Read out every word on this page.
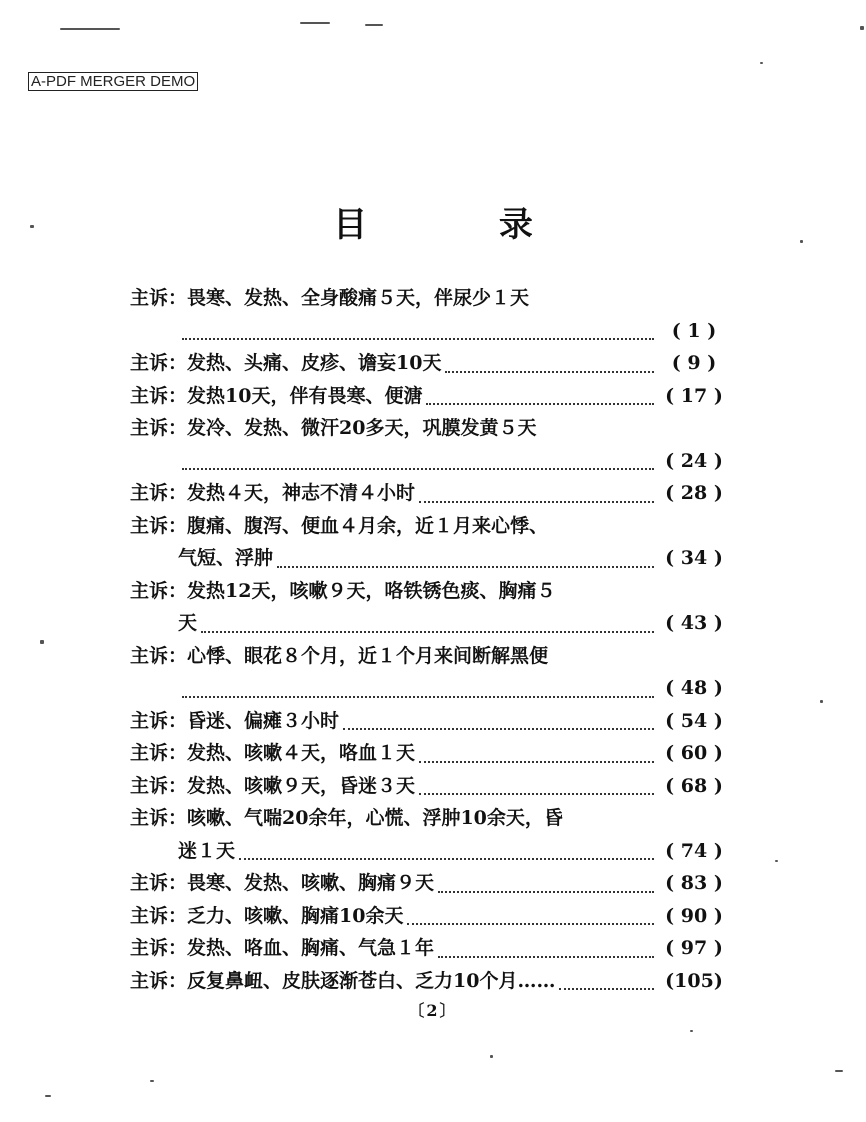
A-PDF MERGER DEMO
目 录
主诉：畏寒、发热、全身酸痛５天，伴尿少１天
( 1 )
主诉：发热、头痛、皮疹、谵妄10天	( 9 )
主诉：发热10天，伴有畏寒、便溏	( 17 )
主诉：发冷、发热、微汗20多天，巩膜发黄５天
( 24 )
主诉：发热４天，神志不清４小时	( 28 )
主诉：腹痛、腹泻、便血４月余，近１月来心悸、
气短、浮肿	( 34 )
主诉：发热12天，咳嗽９天，咯铁锈色痰、胸痛５
天	( 43 )
主诉：心悸、眼花８个月，近１个月来间断解黑便
( 48 )
主诉：昏迷、偏瘫３小时	( 54 )
主诉：发热、咳嗽４天，咯血１天	( 60 )
主诉：发热、咳嗽９天，昏迷３天	( 68 )
主诉：咳嗽、气喘20余年，心慌、浮肿10余天，昏
迷１天	( 74 )
主诉：畏寒、发热、咳嗽、胸痛９天	( 83 )
主诉：乏力、咳嗽、胸痛10余天	( 90 )
主诉：发热、咯血、胸痛、气急１年	( 97 )
主诉：反复鼻衄、皮肤逐渐苍白、乏力10个月……	(105)
〔2〕
